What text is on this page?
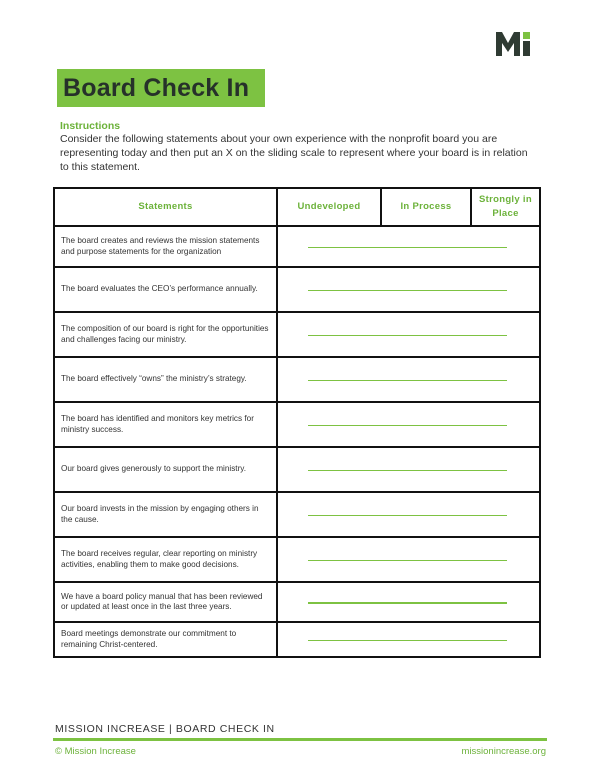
Board Check In
Instructions
Consider the following statements about your own experience with the nonprofit board you are representing today and then put an X on the sliding scale to represent where your board is in relation to this statement.
Statements	Undeveloped	In Process	Strongly in Place
The board creates and reviews the mission statements and purpose statements for the organization			

The board evaluates the CEO’s performance annually.			

The composition of our board is right for the opportunities and challenges facing our ministry.			

The board effectively “owns” the ministry’s strategy.			

The board has identified and monitors key metrics for ministry success.			

Our board gives generously to support the ministry.			

Our board invests in the mission by engaging others in the cause.			

The board receives regular, clear reporting on ministry activities, enabling them to make good decisions.			

We have a board policy manual that has been reviewed or updated at least once in the last three years.			

Board meetings demonstrate our commitment to remaining Christ-centered.			
MISSION INCREASE | BOARD CHECK IN
© Mission Increase	missionincrease.org
